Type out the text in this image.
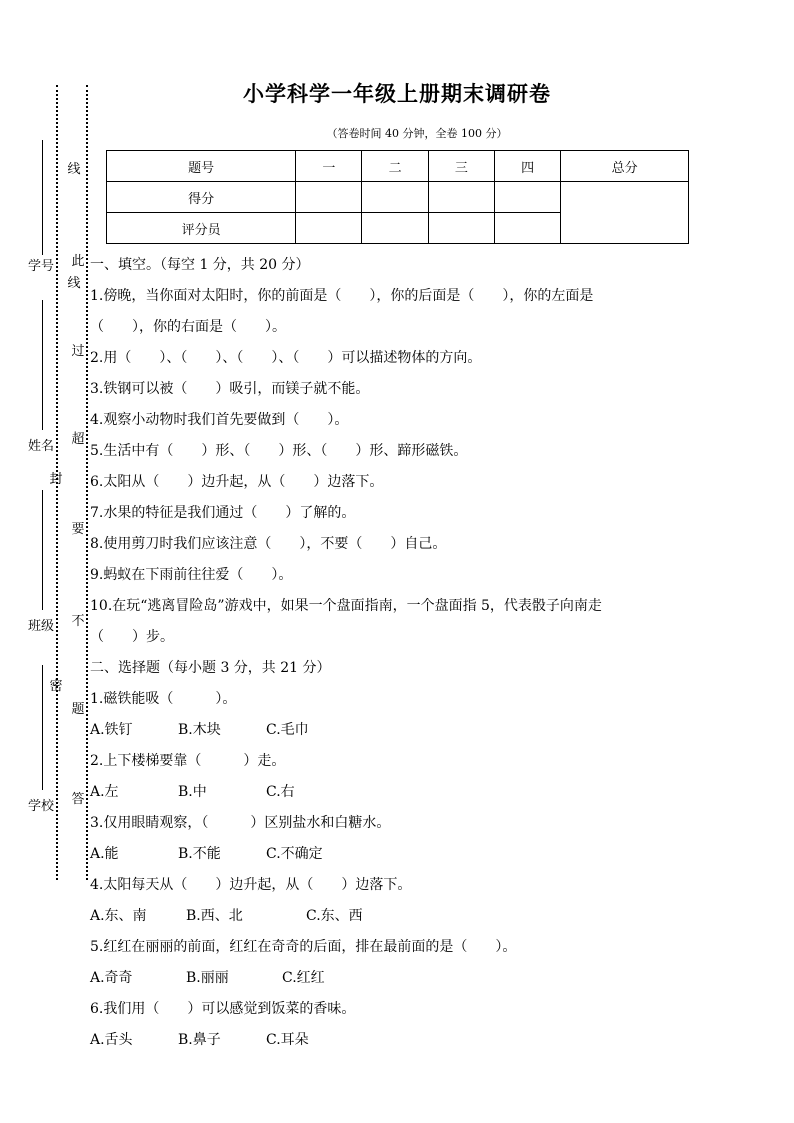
学号
姓名
班级
学校
线
线
封
密
此
过
超
要
不
题
答
小学科学一年级上册期末调研卷
（答卷时间 40 分钟，全卷 100 分）
题号	一	二	三	四	总分
得分					
评分员					
一、填空。（每空 1 分，共 20 分）
1.傍晚，当你面对太阳时，你的前面是（　　），你的后面是（　　），你的左面是
（　　），你的右面是（　　）。
2.用（　　）、（　　）、（　　）、（　　）可以描述物体的方向。
3.铁钢可以被（　　）吸引，而镁子就不能。
4.观察小动物时我们首先要做到（　　）。
5.生活中有（　　）形、（　　）形、（　　）形、蹄形磁铁。
6.太阳从（　　）边升起，从（　　）边落下。
7.水果的特征是我们通过（　　）了解的。
8.使用剪刀时我们应该注意（　　），不要（　　）自己。
9.蚂蚁在下雨前往往爱（　　）。
10.在玩“逃离冒险岛”游戏中，如果一个盘面指南，一个盘面指 5，代表骰子向南走
（　　）步。
二、选择题（每小题 3 分，共 21 分）
1.磁铁能吸（　　　）。
A.铁钉	B.木块	C.毛巾
2.上下楼梯要靠（　　　）走。
A.左	B.中	C.右
3.仅用眼睛观察，（　　　）区别盐水和白糖水。
A.能	B.不能	C.不确定
4.太阳每天从（　　）边升起，从（　　）边落下。
A.东、南	B.西、北	C.东、西
5.红红在丽丽的前面，红红在奇奇的后面，排在最前面的是（　　）。
A.奇奇	B.丽丽	C.红红
6.我们用（　　）可以感觉到饭菜的香味。
A.舌头	B.鼻子	C.耳朵
